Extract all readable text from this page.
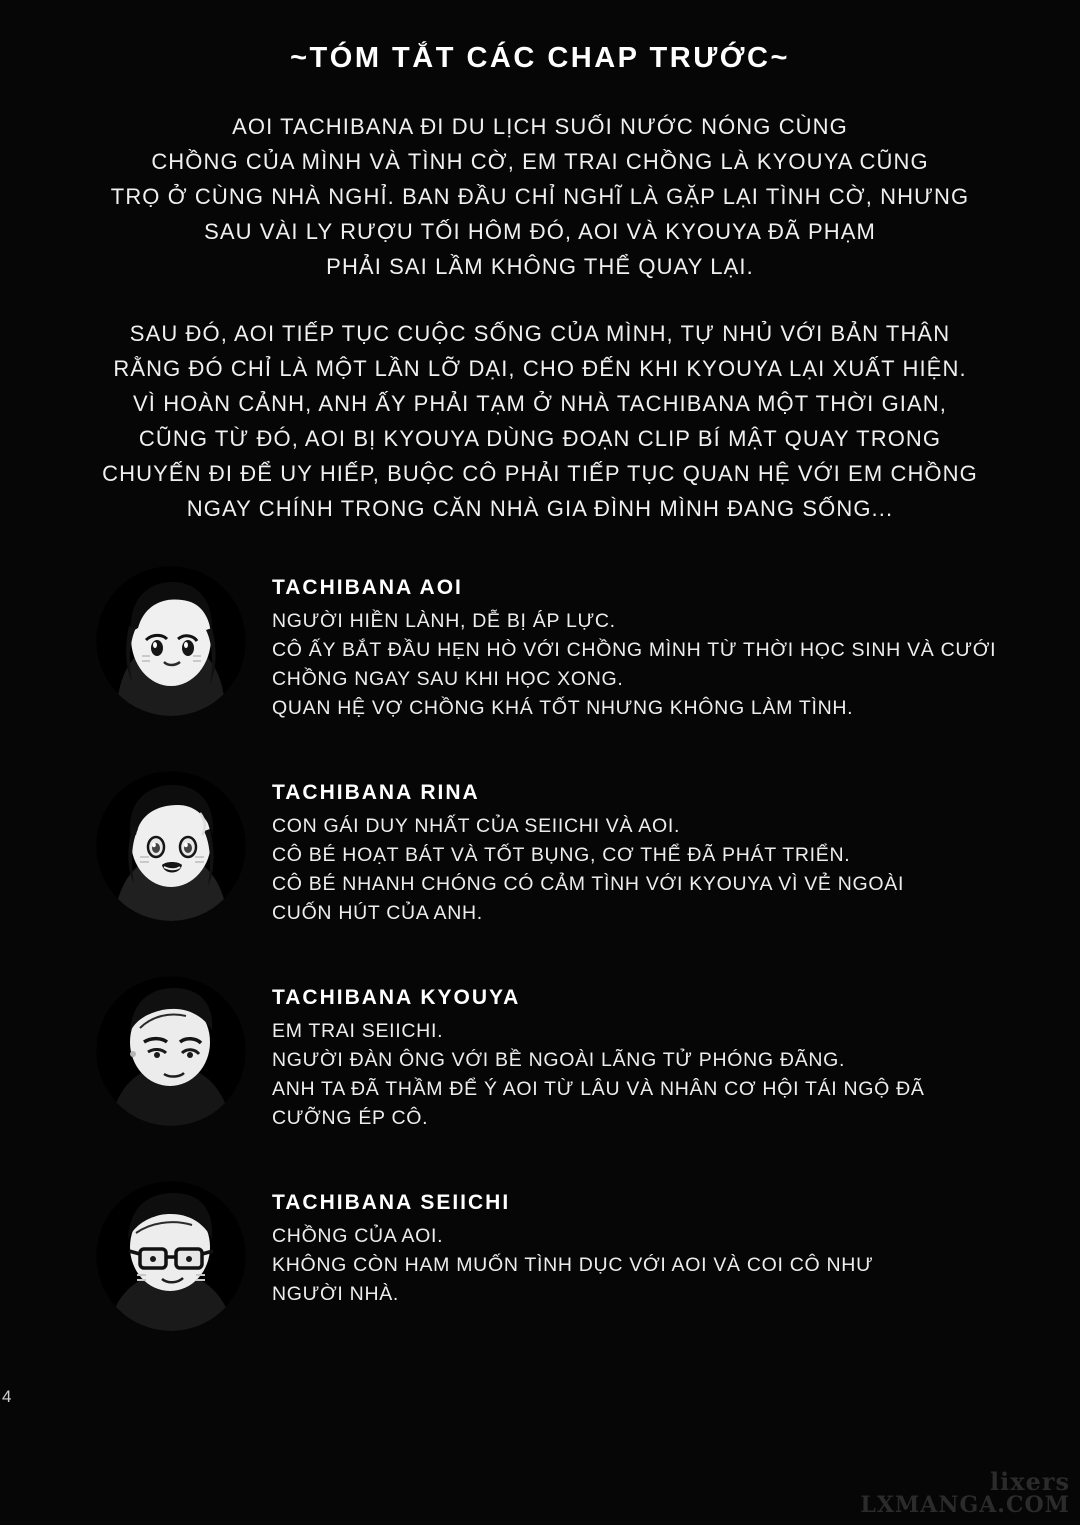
~TÓM TẮT CÁC CHAP TRƯỚC~

AOI TACHIBANA ĐI DU LỊCH SUỐI NƯỚC NÓNG CÙNG
CHỒNG CỦA MÌNH VÀ TÌNH CỜ, EM TRAI CHỒNG LÀ KYOUYA CŨNG
TRỌ Ở CÙNG NHÀ NGHỈ. BAN ĐẦU CHỈ NGHĨ LÀ GẶP LẠI TÌNH CỜ, NHƯNG
SAU VÀI LY RƯỢU TỐI HÔM ĐÓ, AOI VÀ KYOUYA ĐÃ PHẠM
PHẢI SAI LẦM KHÔNG THỂ QUAY LẠI.

SAU ĐÓ, AOI TIẾP TỤC CUỘC SỐNG CỦA MÌNH, TỰ NHỦ VỚI BẢN THÂN
RẰNG ĐÓ CHỈ LÀ MỘT LẦN LỠ DẠI, CHO ĐẾN KHI KYOUYA LẠI XUẤT HIỆN.
VÌ HOÀN CẢNH, ANH ẤY PHẢI TẠM Ở NHÀ TACHIBANA MỘT THỜI GIAN,
CŨNG TỪ ĐÓ, AOI BỊ KYOUYA DÙNG ĐOẠN CLIP BÍ MẬT QUAY TRONG
CHUYẾN ĐI ĐỂ UY HIẾP, BUỘC CÔ PHẢI TIẾP TỤC QUAN HỆ VỚI EM CHỒNG
NGAY CHÍNH TRONG CĂN NHÀ GIA ĐÌNH MÌNH ĐANG SỐNG...

TACHIBANA AOI
NGƯỜI HIỀN LÀNH, DỄ BỊ ÁP LỰC.
CÔ ẤY BẮT ĐẦU HẸN HÒ VỚI CHỒNG MÌNH TỪ THỜI HỌC SINH VÀ CƯỚI
CHỒNG NGAY SAU KHI HỌC XONG.
QUAN HỆ VỢ CHỒNG KHÁ TỐT NHƯNG KHÔNG LÀM TÌNH.
TACHIBANA RINA
CON GÁI DUY NHẤT CỦA SEIICHI VÀ AOI.
CÔ BÉ HOẠT BÁT VÀ TỐT BỤNG, CƠ THỂ ĐÃ PHÁT TRIỂN.
CÔ BÉ NHANH CHÓNG CÓ CẢM TÌNH VỚI KYOUYA VÌ VẺ NGOÀI
CUỐN HÚT CỦA ANH.
TACHIBANA KYOUYA
EM TRAI SEIICHI.
NGƯỜI ĐÀN ÔNG VỚI BỀ NGOÀI LÃNG TỬ PHÓNG ĐÃNG.
ANH TA ĐÃ THẦM ĐỂ Ý AOI TỪ LÂU VÀ NHÂN CƠ HỘI TÁI NGỘ ĐÃ
CƯỠNG ÉP CÔ.
TACHIBANA SEIICHI
CHỒNG CỦA AOI.
KHÔNG CÒN HAM MUỐN TÌNH DỤC VỚI AOI VÀ COI CÔ NHƯ
NGƯỜI NHÀ.
4
lixers
LXMANGA.COM
